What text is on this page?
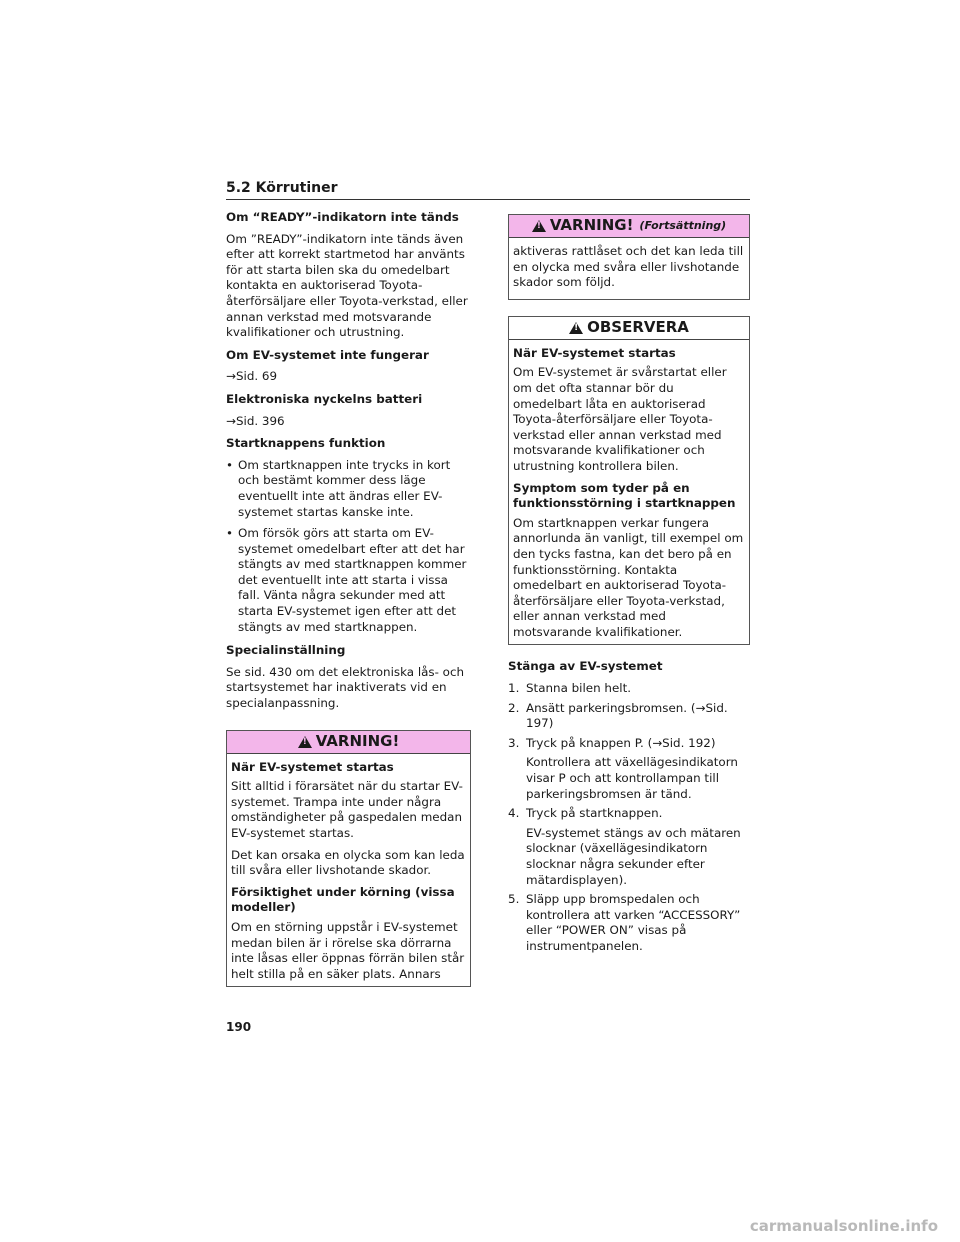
5.2 Körrutiner
Om “READY”-indikatorn inte tänds

Om ”READY”-indikatorn inte tänds även efter att korrekt startmetod har använts för att starta bilen ska du omedelbart kontakta en auktoriserad Toyota-återförsäljare eller Toyota-verkstad, eller annan verkstad med motsvarande kvalifikationer och utrustning.

Om EV-systemet inte fungerar

→Sid. 69

Elektroniska nyckelns batteri

→Sid. 396

Startknappens funktion
• Om startknappen inte trycks in kort och bestämt kommer dess läge eventuellt inte att ändras eller EV-systemet startas kanske inte.
• Om försök görs att starta om EV-systemet omedelbart efter att det har stängts av med startknappen kommer det eventuellt inte att starta i vissa fall. Vänta några sekunder med att starta EV-systemet igen efter att det stängts av med startknappen.
Specialinställning

Se sid. 430 om det elektroniska lås- och startsystemet har inaktiverats vid en specialanpassning.

!
VARNING!
När EV-systemet startas

Sitt alltid i förarsätet när du startar EV-systemet. Trampa inte under några omständigheter på gaspedalen medan EV-systemet startas.

Det kan orsaka en olycka som kan leda till svåra eller livshotande skador.

Försiktighet under körning (vissa modeller)

Om en störning uppstår i EV-systemet medan bilen är i rörelse ska dörrarna inte låsas eller öppnas förrän bilen står helt stilla på en säker plats. Annars

!
VARNING! (Fortsättning)

aktiveras rattlåset och det kan leda till en olycka med svåra eller livshotande skador som följd.

!
OBSERVERA
När EV-systemet startas

Om EV-systemet är svårstartat eller om det ofta stannar bör du omedelbart låta en auktoriserad Toyota-återförsäljare eller Toyota-verkstad eller annan verkstad med motsvarande kvalifikationer och utrustning kontrollera bilen.

Symptom som tyder på en funktionsstörning i startknappen

Om startknappen verkar fungera annorlunda än vanligt, till exempel om den tycks fastna, kan det bero på en funktionsstörning. Kontakta omedelbart en auktoriserad Toyota-återförsäljare eller Toyota-verkstad, eller annan verkstad med motsvarande kvalifikationer.

Stänga av EV-systemet
1. Stanna bilen helt.
2. Ansätt parkeringsbromsen. (→Sid. 197)
3. Tryck på knappen P. (→Sid. 192)
Kontrollera att växellägesindikatorn visar P och att kontrollampan till parkeringsbromsen är tänd.
4. Tryck på startknappen.
EV-systemet stängs av och mätaren slocknar (växellägesindikatorn slocknar några sekunder efter mätardisplayen).
5. Släpp upp bromspedalen och kontrollera att varken “ACCESSORY” eller “POWER ON” visas på instrumentpanelen.
190
carmanualsonline.info
